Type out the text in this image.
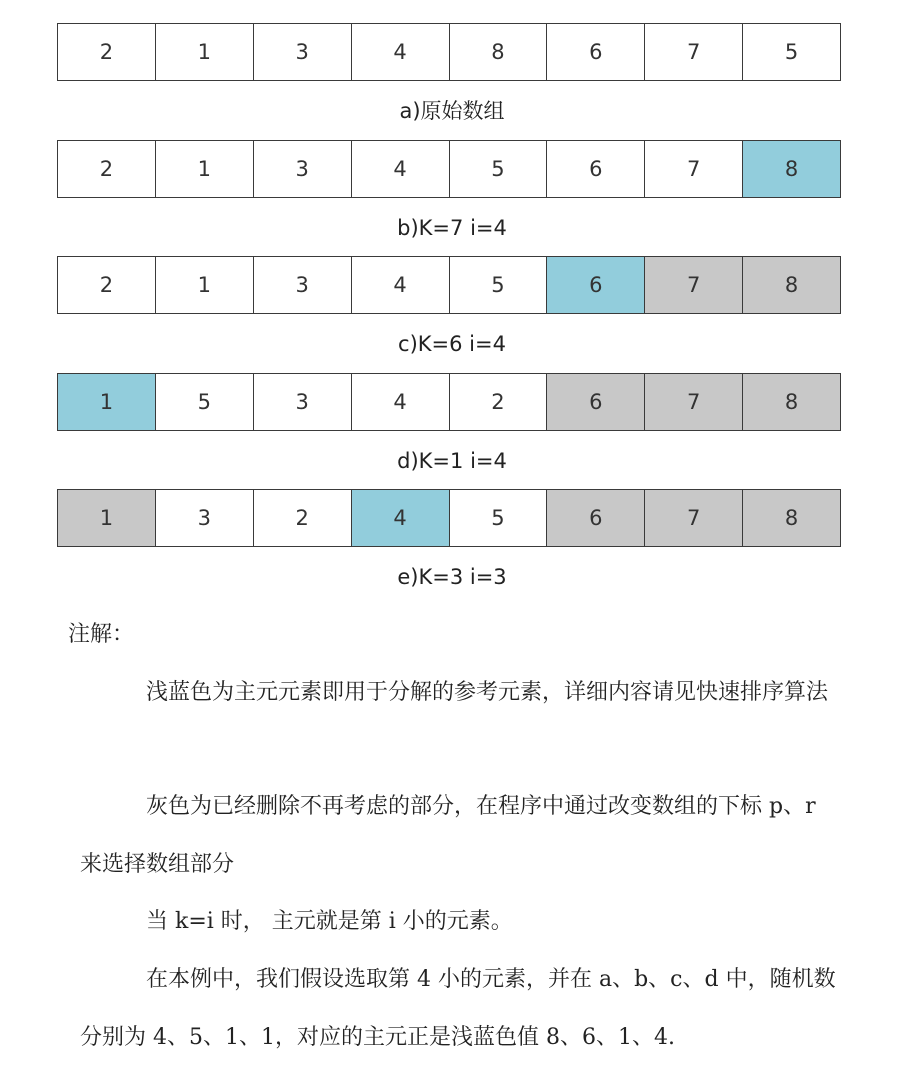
2	1	3	4	8	6	7	5
a)原始数组
2	1	3	4	5	6	7	8
b)K=7 i=4
2	1	3	4	5	6	7	8
c)K=6 i=4
1	5	3	4	2	6	7	8
d)K=1 i=4
1	3	2	4	5	6	7	8
e)K=3 i=3
注解：

浅蓝色为主元元素即用于分解的参考元素，详细内容请见快速排序算法

灰色为已经删除不再考虑的部分，在程序中通过改变数组的下标 p、r 来选择数组部分

当 k=i 时， 主元就是第 i 小的元素。

在本例中，我们假设选取第 4 小的元素，并在 a、b、c、d 中，随机数分别为 4、5、1、1，对应的主元正是浅蓝色值 8、6、1、4.
